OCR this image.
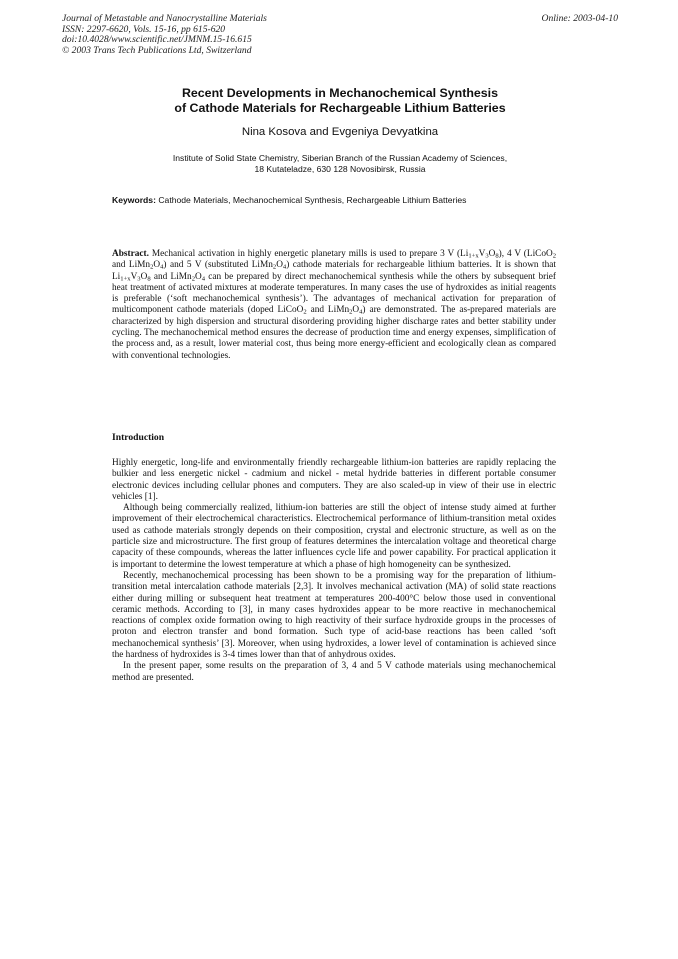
Journal of Metastable and Nanocrystalline Materials
ISSN: 2297-6620, Vols. 15-16, pp 615-620
doi:10.4028/www.scientific.net/JMNM.15-16.615
© 2003 Trans Tech Publications Ltd, Switzerland
Online: 2003-04-10
Recent Developments in Mechanochemical Synthesis
of Cathode Materials for Rechargeable Lithium Batteries
Nina Kosova and Evgeniya Devyatkina
Institute of Solid State Chemistry, Siberian Branch of the Russian Academy of Sciences,
18 Kutateladze, 630 128 Novosibirsk, Russia
Keywords: Cathode Materials, Mechanochemical Synthesis, Rechargeable Lithium Batteries

Abstract. Mechanical activation in highly energetic planetary mills is used to prepare 3 V $(Li_{1+x}V_3O_8)$, 4 V (LiCoO$_2$ and $LiMn_2O_4$) and 5 V (substituted $LiMn_2O_4$) cathode materials for rechargeable lithium batteries. It is shown that $Li_{1+x}V_3O_8$ and $LiMn_2O_4$ can be prepared by direct mechanochemical synthesis while the others by subsequent brief heat treatment of activated mixtures at moderate temperatures. In many cases the use of hydroxides as initial reagents is preferable (‘soft mechanochemical synthesis’). The advantages of mechanical activation for preparation of multicomponent cathode materials (doped LiCoO$_2$ and $LiMn_2O_4$) are demonstrated. The as-prepared materials are characterized by high dispersion and structural disordering providing higher discharge rates and better stability under cycling. The mechanochemical method ensures the decrease of production time and energy expenses, simplification of the process and, as a result, lower material cost, thus being more energy-efficient and ecologically clean as compared with conventional technologies.

Introduction

Highly energetic, long-life and environmentally friendly rechargeable lithium-ion batteries are rapidly replacing the bulkier and less energetic nickel - cadmium and nickel - metal hydride batteries in different portable consumer electronic devices including cellular phones and computers. They are also scaled-up in view of their use in electric vehicles [1].

Although being commercially realized, lithium-ion batteries are still the object of intense study aimed at further improvement of their electrochemical characteristics. Electrochemical performance of lithium-transition metal oxides used as cathode materials strongly depends on their composition, crystal and electronic structure, as well as on the particle size and microstructure. The first group of features determines the intercalation voltage and theoretical charge capacity of these compounds, whereas the latter influences cycle life and power capability. For practical application it is important to determine the lowest temperature at which a phase of high homogeneity can be synthesized.

Recently, mechanochemical processing has been shown to be a promising way for the preparation of lithium-transition metal intercalation cathode materials [2,3]. It involves mechanical activation (MA) of solid state reactions either during milling or subsequent heat treatment at temperatures 200-400°C below those used in conventional ceramic methods. According to [3], in many cases hydroxides appear to be more reactive in mechanochemical reactions of complex oxide formation owing to high reactivity of their surface hydroxide groups in the processes of proton and electron transfer and bond formation. Such type of acid-base reactions has been called ‘soft mechanochemical synthesis’ [3]. Moreover, when using hydroxides, a lower level of contamination is achieved since the hardness of hydroxides is 3-4 times lower than that of anhydrous oxides.

In the present paper, some results on the preparation of 3, 4 and 5 V cathode materials using mechanochemical method are presented.
